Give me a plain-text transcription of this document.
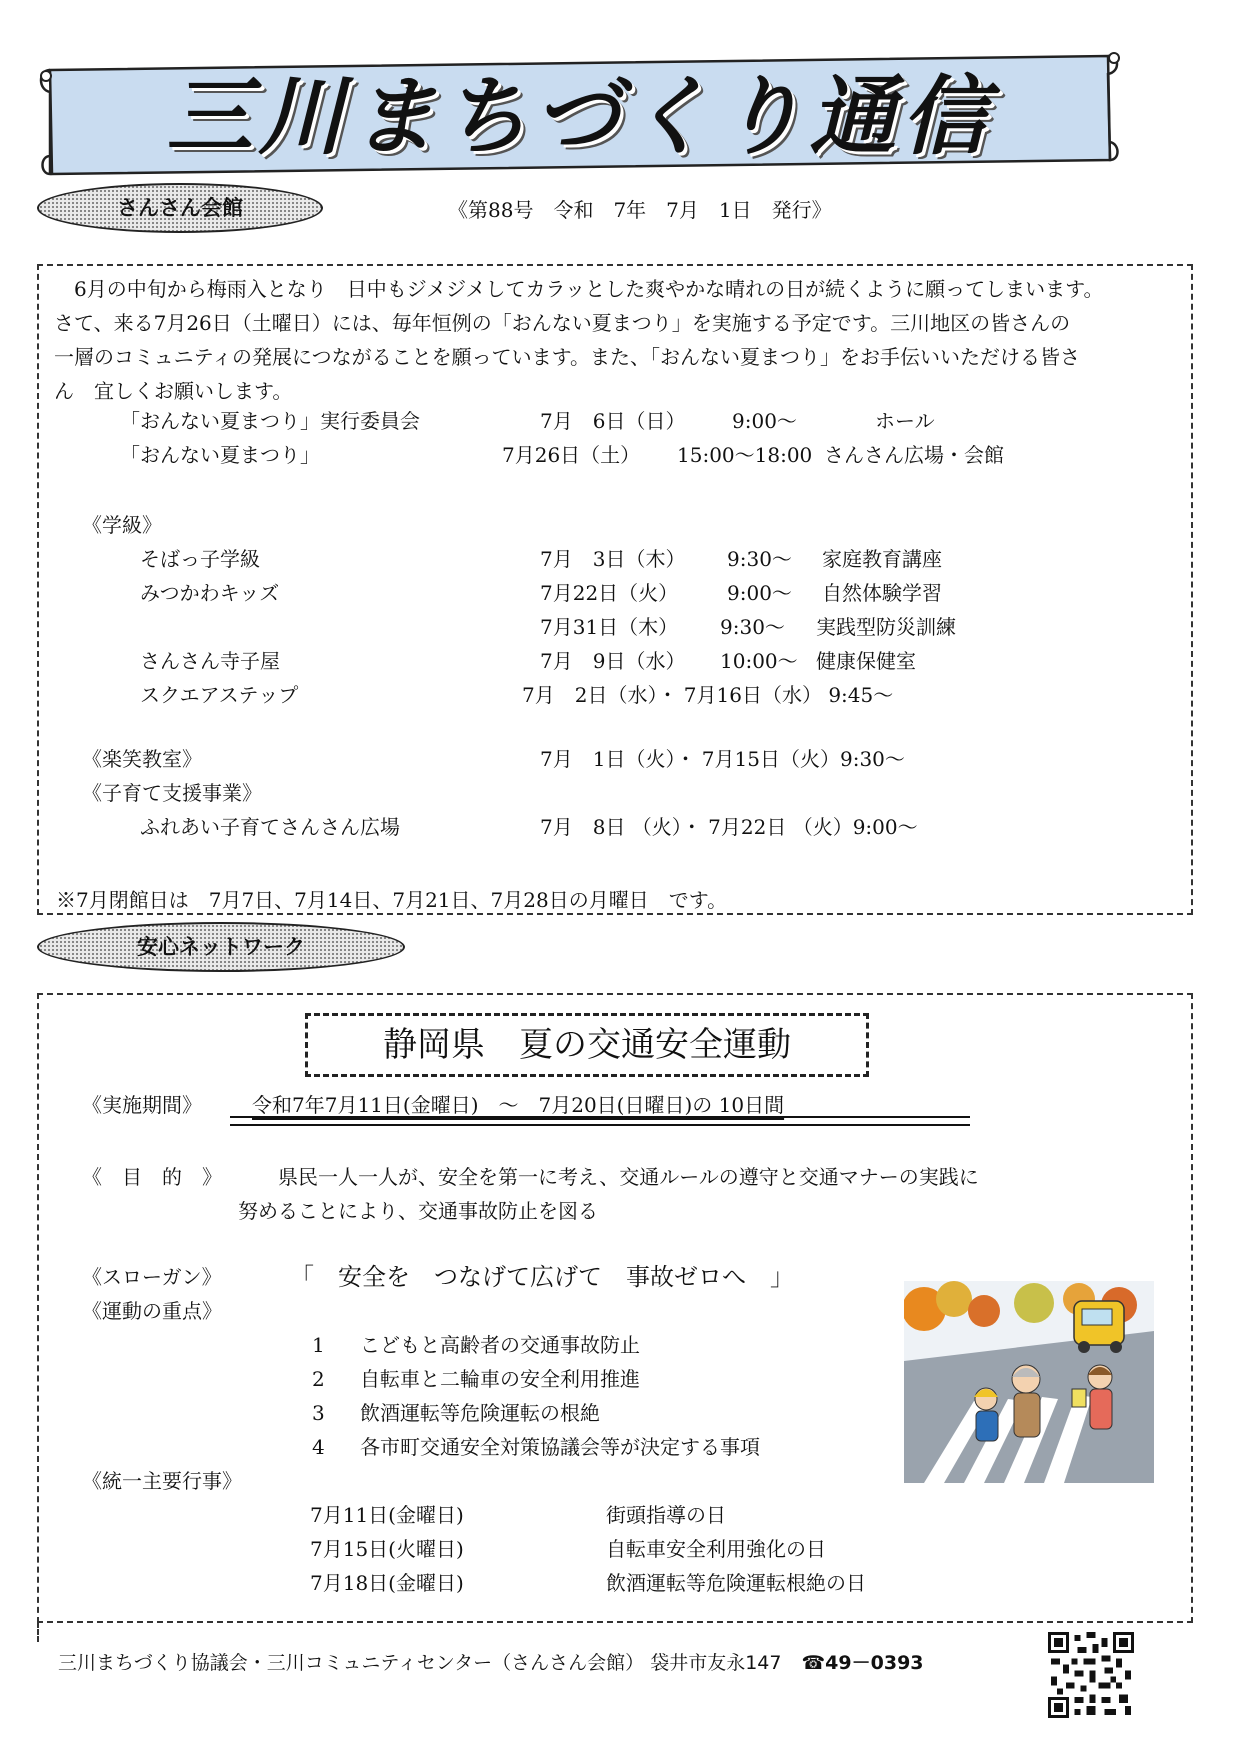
三川まちづくり通信
さんさん会館	《第88号　令和　7年　7月　1日　発行》

　6月の中旬から梅雨入となり　日中もジメジメしてカラッとした爽やかな晴れの日が続くように願ってしまいます。

さて、来る7月26日（土曜日）には、毎年恒例の「おんない夏まつり」を実施する予定です。三川地区の皆さんの

一層のコミュニティの発展につながることを願っています。また、「おんない夏まつり」をお手伝いいただける皆さ

ん　宜しくお願いします。

「おんない夏まつり」実行委員会	7月　6日（日） 9:00～	ホール
「おんない夏まつり」	7月26日（土） 15:00～18:00 さんさん広場・会館
《学級》
そばっ子学級	7月　3日（木） 9:30～ 家庭教育講座
みつかわキッズ	7月22日（火） 9:00～ 自然体験学習
7月31日（木） 9:30～ 実践型防災訓練
さんさん寺子屋	7月　9日（水） 10:00～ 健康保健室
スクエアステップ	7月　2日（水）・ 7月16日（水） 9:45～
《楽笑教室》	7月　1日（火）・ 7月15日（火）9:30～
《子育て支援事業》
ふれあい子育てさんさん広場	7月　8日 （火）・ 7月22日 （火）9:00～
※7月閉館日は　7月7日、7月14日、7月21日、7月28日の月曜日　です。
安心ネットワーク
静岡県　夏の交通安全運動
《実施期間》	令和7年7月11日(金曜日)　～　7月20日(日曜日)の 10日間
《　目　的　》	県民一人一人が、安全を第一に考え、交通ルールの遵守と交通マナーの実践に
努めることにより、交通事故防止を図る
《スローガン》	「　安全を　つなげて広げて　事故ゼロへ　」
《運動の重点》
1 こどもと高齢者の交通事故防止
2 自転車と二輪車の安全利用推進
3 飲酒運転等危険運転の根絶
4 各市町交通安全対策協議会等が決定する事項
《統一主要行事》
7月11日(金曜日)	街頭指導の日
7月15日(火曜日)	自転車安全利用強化の日
7月18日(金曜日)	飲酒運転等危険運転根絶の日
三川まちづくり協議会・三川コミュニティセンター（さんさん会館） 袋井市友永147 ☎49－0393
